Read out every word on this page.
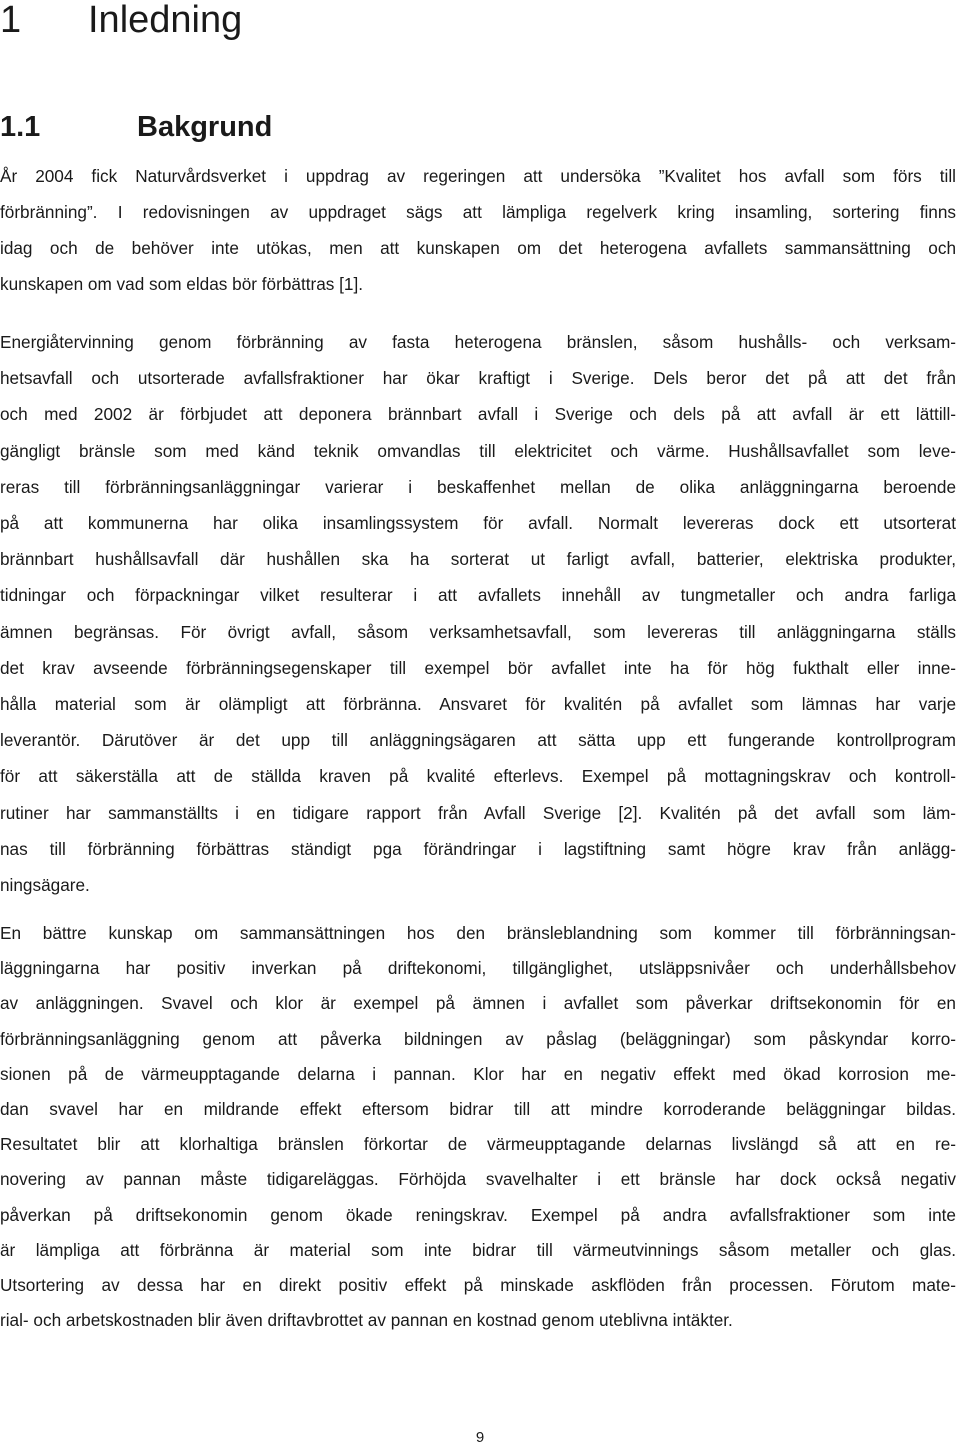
1 Inledning
1.1	Bakgrund
År 2004 fick Naturvårdsverket i uppdrag av regeringen att undersöka ”Kvalitet hos avfall som förs till
förbränning”. I redovisningen av uppdraget sägs att lämpliga regelverk kring insamling, sortering finns
idag och de behöver inte utökas, men att kunskapen om det heterogena avfallets sammansättning och
kunskapen om vad som eldas bör förbättras [1].
Energiåtervinning genom förbränning av fasta heterogena bränslen, såsom hushålls- och verksam-
hetsavfall och utsorterade avfallsfraktioner har ökar kraftigt i Sverige. Dels beror det på att det från
och med 2002 är förbjudet att deponera brännbart avfall i Sverige och dels på att avfall är ett lättill-
gängligt bränsle som med känd teknik omvandlas till elektricitet och värme. Hushållsavfallet som leve-
reras till förbränningsanläggningar varierar i beskaffenhet mellan de olika anläggningarna beroende
på att kommunerna har olika insamlingssystem för avfall. Normalt levereras dock ett utsorterat
brännbart hushållsavfall där hushållen ska ha sorterat ut farligt avfall, batterier, elektriska produkter,
tidningar och förpackningar vilket resulterar i att avfallets innehåll av tungmetaller och andra farliga
ämnen begränsas. För övrigt avfall, såsom verksamhetsavfall, som levereras till anläggningarna ställs
det krav avseende förbränningsegenskaper till exempel bör avfallet inte ha för hög fukthalt eller inne-
hålla material som är olämpligt att förbränna. Ansvaret för kvalitén på avfallet som lämnas har varje
leverantör. Därutöver är det upp till anläggningsägaren att sätta upp ett fungerande kontrollprogram
för att säkerställa att de ställda kraven på kvalité efterlevs. Exempel på mottagningskrav och kontroll-
rutiner har sammanställts i en tidigare rapport från Avfall Sverige [2]. Kvalitén på det avfall som läm-
nas till förbränning förbättras ständigt pga förändringar i lagstiftning samt högre krav från anlägg-
ningsägare.
En bättre kunskap om sammansättningen hos den bränsleblandning som kommer till förbränningsan-
läggningarna har positiv inverkan på driftekonomi, tillgänglighet, utsläppsnivåer och underhållsbehov
av anläggningen. Svavel och klor är exempel på ämnen i avfallet som påverkar driftsekonomin för en
förbränningsanläggning genom att påverka bildningen av påslag (beläggningar) som påskyndar korro-
sionen på de värmeupptagande delarna i pannan. Klor har en negativ effekt med ökad korrosion me-
dan svavel har en mildrande effekt eftersom bidrar till att mindre korroderande beläggningar bildas.
Resultatet blir att klorhaltiga bränslen förkortar de värmeupptagande delarnas livslängd så att en re-
novering av pannan måste tidigareläggas. Förhöjda svavelhalter i ett bränsle har dock också negativ
påverkan på driftsekonomin genom ökade reningskrav. Exempel på andra avfallsfraktioner som inte
är lämpliga att förbränna är material som inte bidrar till värmeutvinnings såsom metaller och glas.
Utsortering av dessa har en direkt positiv effekt på minskade askflöden från processen. Förutom mate-
rial- och arbetskostnaden blir även driftavbrottet av pannan en kostnad genom uteblivna intäkter.
9
